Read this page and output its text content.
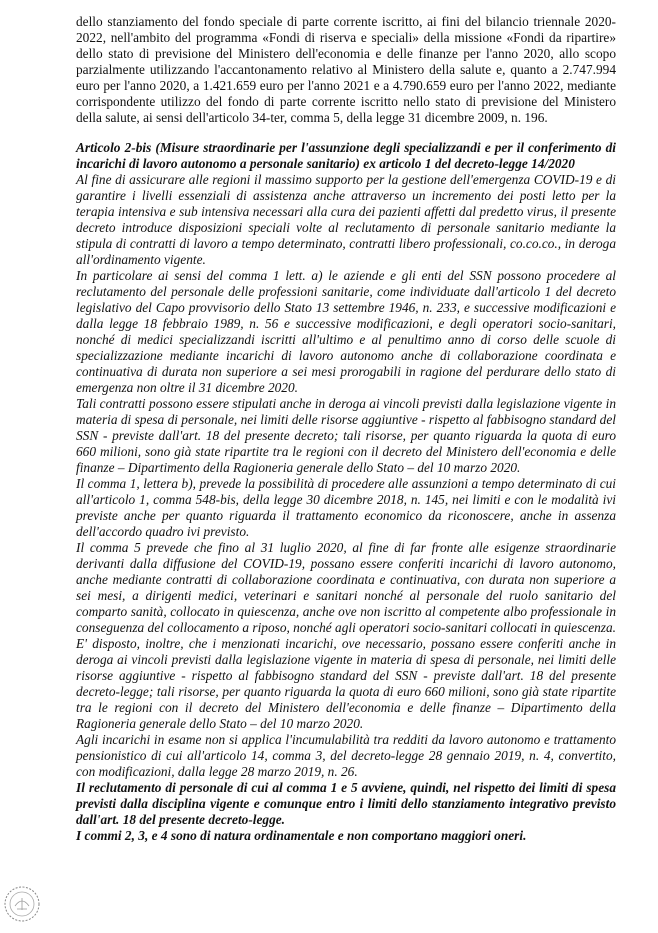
dello stanziamento del fondo speciale di parte corrente iscritto, ai fini del bilancio triennale 2020-2022, nell'ambito del programma «Fondi di riserva e speciali» della missione «Fondi da ripartire» dello stato di previsione del Ministero dell'economia e delle finanze per l'anno 2020, allo scopo parzialmente utilizzando l'accantonamento relativo al Ministero della salute e, quanto a 2.747.994 euro per l'anno 2020, a 1.421.659 euro per l'anno 2021 e a 4.790.659 euro per l'anno 2022, mediante corrispondente utilizzo del fondo di parte corrente iscritto nello stato di previsione del Ministero della salute, ai sensi dell'articolo 34-ter, comma 5, della legge 31 dicembre 2009, n. 196.

Articolo 2-bis (Misure straordinarie per l'assunzione degli specializzandi e per il conferimento di incarichi di lavoro autonomo a personale sanitario) ex articolo 1 del decreto-legge 14/2020

Al fine di assicurare alle regioni il massimo supporto per la gestione dell'emergenza COVID-19 e di garantire i livelli essenziali di assistenza anche attraverso un incremento dei posti letto per la terapia intensiva e sub intensiva necessari alla cura dei pazienti affetti dal predetto virus, il presente decreto introduce disposizioni speciali volte al reclutamento di personale sanitario mediante la stipula di contratti di lavoro a tempo determinato, contratti libero professionali, co.co.co., in deroga all'ordinamento vigente.

In particolare ai sensi del comma 1 lett. a) le aziende e gli enti del SSN possono procedere al reclutamento del personale delle professioni sanitarie, come individuate dall'articolo 1 del decreto legislativo del Capo provvisorio dello Stato 13 settembre 1946, n. 233, e successive modificazioni e dalla legge 18 febbraio 1989, n. 56 e successive modificazioni, e degli operatori socio-sanitari, nonché di medici specializzandi iscritti all'ultimo e al penultimo anno di corso delle scuole di specializzazione mediante incarichi di lavoro autonomo anche di collaborazione coordinata e continuativa di durata non superiore a sei mesi prorogabili in ragione del perdurare dello stato di emergenza non oltre il 31 dicembre 2020.

Tali contratti possono essere stipulati anche in deroga ai vincoli previsti dalla legislazione vigente in materia di spesa di personale, nei limiti delle risorse aggiuntive - rispetto al fabbisogno standard del SSN - previste dall'art. 18 del presente decreto; tali risorse, per quanto riguarda la quota di euro 660 milioni, sono già state ripartite tra le regioni con il decreto del Ministero dell'economia e delle finanze – Dipartimento della Ragioneria generale dello Stato – del 10 marzo 2020.

Il comma 1, lettera b), prevede la possibilità di procedere alle assunzioni a tempo determinato di cui all'articolo 1, comma 548-bis, della legge 30 dicembre 2018, n. 145, nei limiti e con le modalità ivi previste anche per quanto riguarda il trattamento economico da riconoscere, anche in assenza dell'accordo quadro ivi previsto.

Il comma 5 prevede che fino al 31 luglio 2020, al fine di far fronte alle esigenze straordinarie derivanti dalla diffusione del COVID-19, possano essere conferiti incarichi di lavoro autonomo, anche mediante contratti di collaborazione coordinata e continuativa, con durata non superiore a sei mesi, a dirigenti medici, veterinari e sanitari nonché al personale del ruolo sanitario del comparto sanità, collocato in quiescenza, anche ove non iscritto al competente albo professionale in conseguenza del collocamento a riposo, nonché agli operatori socio-sanitari collocati in quiescenza. E' disposto, inoltre, che i menzionati incarichi, ove necessario, possano essere conferiti anche in deroga ai vincoli previsti dalla legislazione vigente in materia di spesa di personale, nei limiti delle risorse aggiuntive - rispetto al fabbisogno standard del SSN - previste dall'art. 18 del presente decreto-legge; tali risorse, per quanto riguarda la quota di euro 660 milioni, sono già state ripartite tra le regioni con il decreto del Ministero dell'economia e delle finanze – Dipartimento della Ragioneria generale dello Stato – del 10 marzo 2020.

Agli incarichi in esame non si applica l'incumulabilità tra redditi da lavoro autonomo e trattamento pensionistico di cui all'articolo 14, comma 3, del decreto-legge 28 gennaio 2019, n. 4, convertito, con modificazioni, dalla legge 28 marzo 2019, n. 26.

Il reclutamento di personale di cui al comma 1 e 5 avviene, quindi, nel rispetto dei limiti di spesa previsti dalla disciplina vigente e comunque entro i limiti dello stanziamento integrativo previsto dall'art. 18 del presente decreto-legge.

I commi 2, 3, e 4 sono di natura ordinamentale e non comportano maggiori oneri.
